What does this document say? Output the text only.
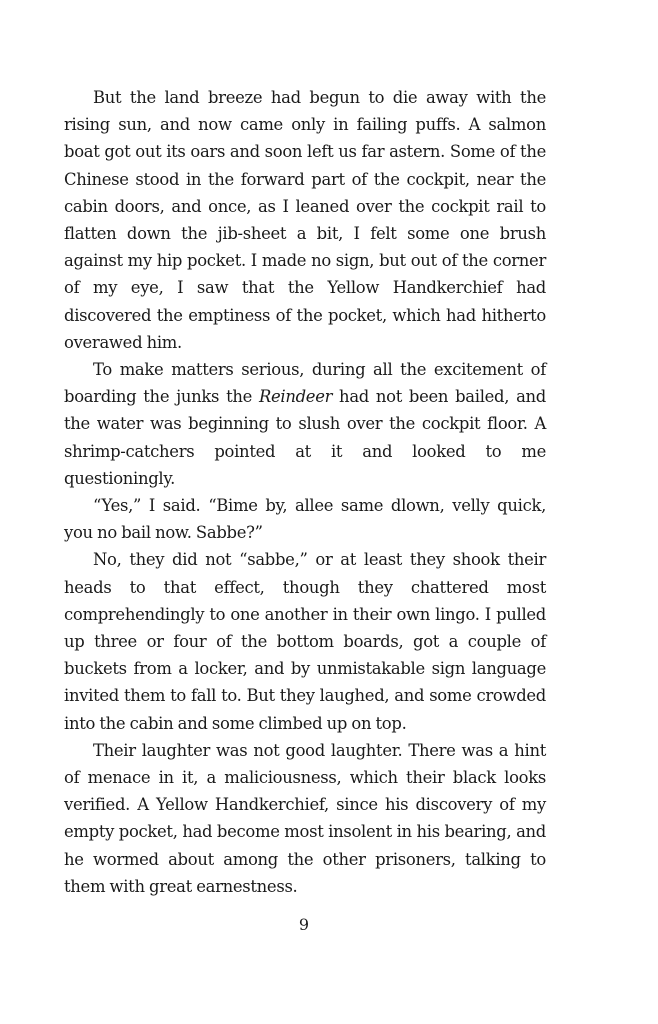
But the land breeze had begun to die away with the rising sun, and now came only in failing puffs. A salmon boat got out its oars and soon left us far astern. Some of the Chinese stood in the forward part of the cockpit, near the cabin doors, and once, as I leaned over the cockpit rail to flatten down the jib-sheet a bit, I felt some one brush against my hip pocket. I made no sign, but out of the corner of my eye, I saw that the Yellow Handkerchief had discovered the emptiness of the pocket, which had hitherto overawed him.

To make matters serious, during all the excitement of boarding the junks the Reindeer had not been bailed, and the water was beginning to slush over the cockpit floor. A shrimp-catchers pointed at it and looked to me questioningly.

“Yes,” I said. “Bime by, allee same dlown, velly quick, you no bail now. Sabbe?”

No, they did not “sabbe,” or at least they shook their heads to that effect, though they chattered most comprehendingly to one another in their own lingo. I pulled up three or four of the bottom boards, got a couple of buckets from a locker, and by unmistakable sign language invited them to fall to. But they laughed, and some crowded into the cabin and some climbed up on top.

Their laughter was not good laughter. There was a hint of menace in it, a maliciousness, which their black looks verified. A Yellow Handkerchief, since his discovery of my empty pocket, had become most insolent in his bearing, and he wormed about among the other prisoners, talking to them with great earnestness.

9
